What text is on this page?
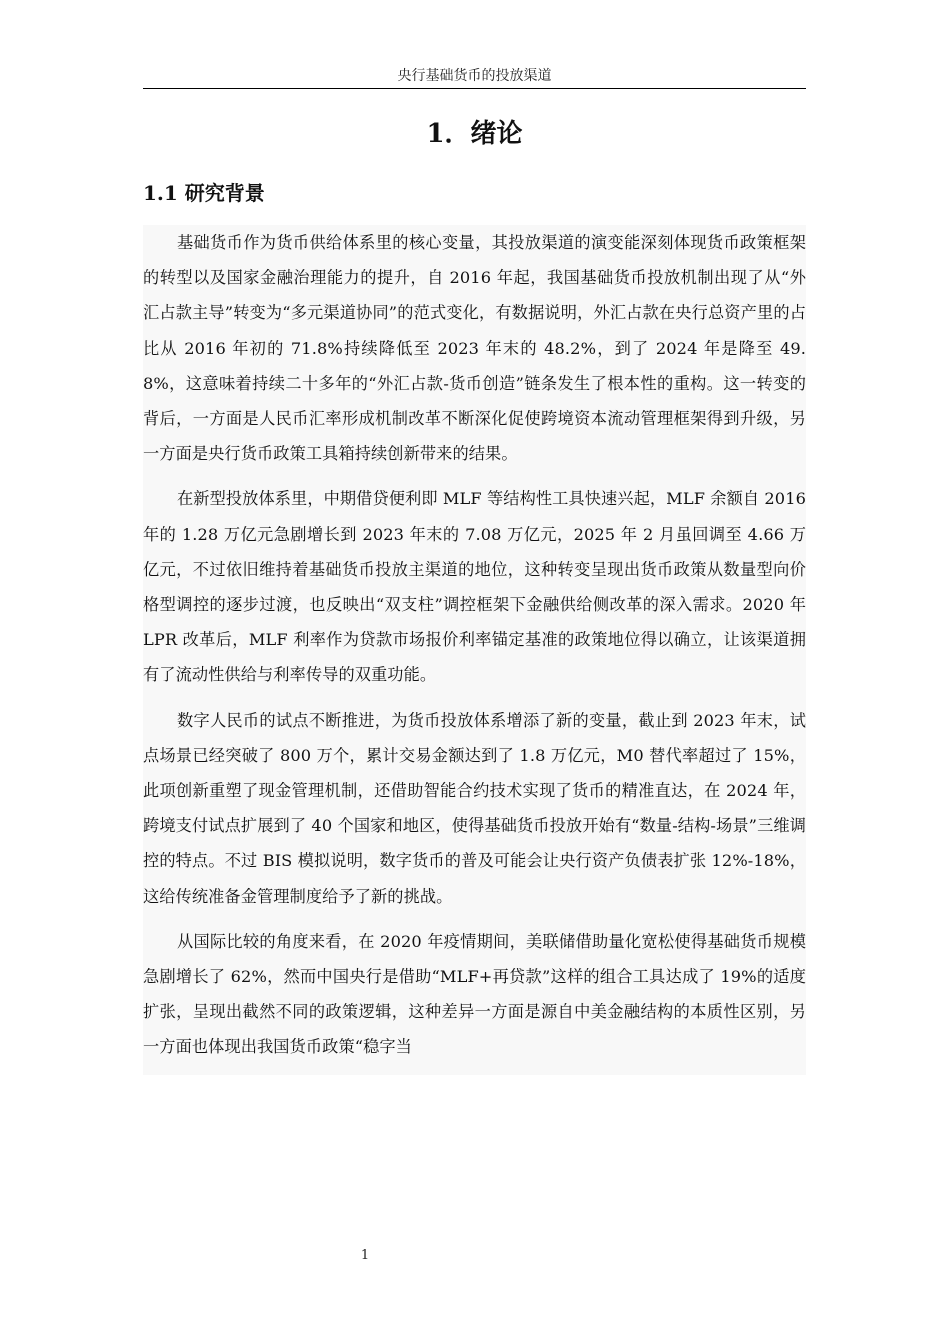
央行基础货币的投放渠道
1．绪论
1.1 研究背景

基础货币作为货币供给体系里的核心变量，其投放渠道的演变能深刻体现货币政策框架的转型以及国家金融治理能力的提升，自 2016 年起，我国基础货币投放机制出现了从“外汇占款主导”转变为“多元渠道协同”的范式变化，有数据说明，外汇占款在央行总资产里的占比从 2016 年初的 71.8%持续降低至 2023 年末的 48.2%，到了 2024 年是降至 49. 8%，这意味着持续二十多年的“外汇占款-货币创造”链条发生了根本性的重构。这一转变的背后，一方面是人民币汇率形成机制改革不断深化促使跨境资本流动管理框架得到升级，另一方面是央行货币政策工具箱持续创新带来的结果。

在新型投放体系里，中期借贷便利即 MLF 等结构性工具快速兴起，MLF 余额自 2016 年的 1.28 万亿元急剧增长到 2023 年末的 7.08 万亿元，2025 年 2 月虽回调至 4.66 万亿元，不过依旧维持着基础货币投放主渠道的地位，这种转变呈现出货币政策从数量型向价格型调控的逐步过渡，也反映出“双支柱”调控框架下金融供给侧改革的深入需求。2020 年 LPR 改革后，MLF 利率作为贷款市场报价利率锚定基准的政策地位得以确立，让该渠道拥有了流动性供给与利率传导的双重功能。

数字人民币的试点不断推进，为货币投放体系增添了新的变量，截止到 2023 年末，试点场景已经突破了 800 万个，累计交易金额达到了 1.8 万亿元，M0 替代率超过了 15%，此项创新重塑了现金管理机制，还借助智能合约技术实现了货币的精准直达，在 2024 年，跨境支付试点扩展到了 40 个国家和地区，使得基础货币投放开始有“数量-结构-场景”三维调控的特点。不过 BIS 模拟说明，数字货币的普及可能会让央行资产负债表扩张 12%-18%，这给传统准备金管理制度给予了新的挑战。

从国际比较的角度来看，在 2020 年疫情期间，美联储借助量化宽松使得基础货币规模急剧增长了 62%，然而中国央行是借助“MLF+再贷款”这样的组合工具达成了 19%的适度扩张，呈现出截然不同的政策逻辑，这种差异一方面是源自中美金融结构的本质性区别，另一方面也体现出我国货币政策“稳字当

1
